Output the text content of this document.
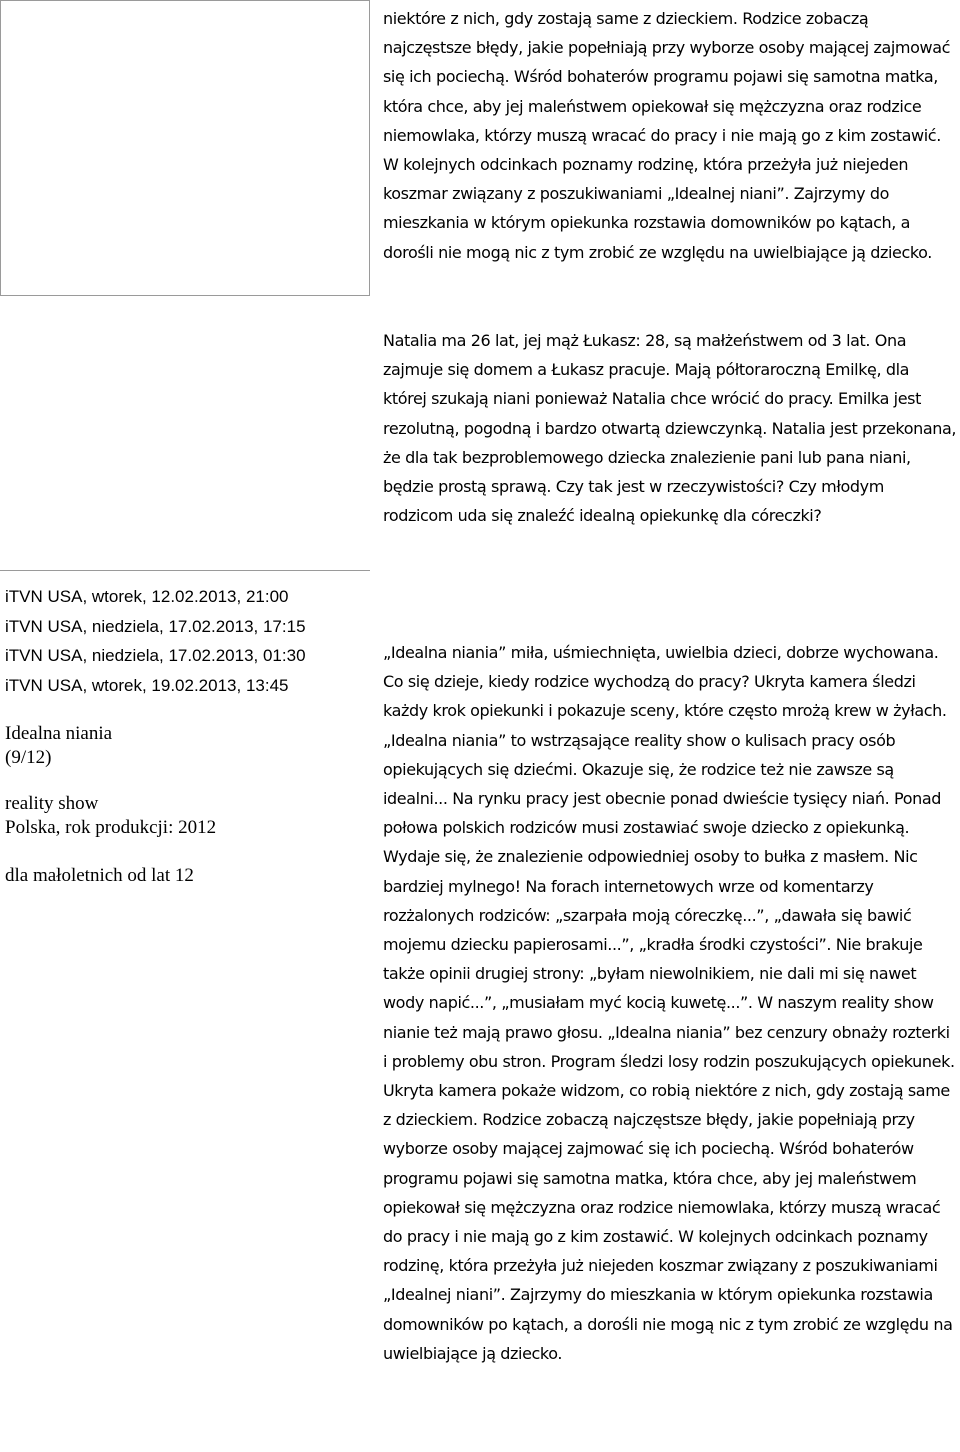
niektóre z nich, gdy zostają same z dzieckiem. Rodzice zobaczą najczęstsze błędy, jakie popełniają przy wyborze osoby mającej zajmować się ich pociechą. Wśród bohaterów programu pojawi się samotna matka, która chce, aby jej maleństwem opiekował się mężczyzna oraz rodzice niemowlaka, którzy muszą wracać do pracy i nie mają go z kim zostawić. W kolejnych odcinkach poznamy rodzinę, która przeżyła już niejeden koszmar związany z poszukiwaniami „Idealnej niani”. Zajrzymy do mieszkania w którym opiekunka rozstawia domowników po kątach, a dorośli nie mogą nic z tym zrobić ze względu na uwielbiające ją dziecko.

Natalia ma 26 lat, jej mąż Łukasz: 28, są małżeństwem od 3 lat. Ona zajmuje się domem a Łukasz pracuje. Mają półtoraroczną Emilkę, dla której szukają niani ponieważ Natalia chce wrócić do pracy. Emilka jest rezolutną, pogodną i bardzo otwartą dziewczynką. Natalia jest przekonana, że dla tak bezproblemowego dziecka znalezienie pani lub pana niani, będzie prostą sprawą. Czy tak jest w rzeczywistości? Czy młodym rodzicom uda się znaleźć idealną opiekunkę dla córeczki?

„Idealna niania” miła, uśmiechnięta, uwielbia dzieci, dobrze wychowana. Co się dzieje, kiedy rodzice wychodzą do pracy? Ukryta kamera śledzi każdy krok opiekunki i pokazuje sceny, które często mrożą krew w żyłach. „Idealna niania” to wstrząsające reality show o kulisach pracy osób opiekujących się dziećmi. Okazuje się, że rodzice też nie zawsze są idealni... Na rynku pracy jest obecnie ponad dwieście tysięcy niań. Ponad połowa polskich rodziców musi zostawiać swoje dziecko z opiekunką. Wydaje się, że znalezienie odpowiedniej osoby to bułka z masłem. Nic bardziej mylnego! Na forach internetowych wrze od komentarzy rozżalonych rodziców: „szarpała moją córeczkę...”, „dawała się bawić mojemu dziecku papierosami...”, „kradła środki czystości”. Nie brakuje także opinii drugiej strony: „byłam niewolnikiem, nie dali mi się nawet wody napić...”, „musiałam myć kocią kuwetę...”. W naszym reality show nianie też mają prawo głosu. „Idealna niania” bez cenzury obnaży rozterki i problemy obu stron. Program śledzi losy rodzin poszukujących opiekunek. Ukryta kamera pokaże widzom, co robią niektóre z nich, gdy zostają same z dzieckiem. Rodzice zobaczą najczęstsze błędy, jakie popełniają przy wyborze osoby mającej zajmować się ich pociechą. Wśród bohaterów programu pojawi się samotna matka, która chce, aby jej maleństwem opiekował się mężczyzna oraz rodzice niemowlaka, którzy muszą wracać do pracy i nie mają go z kim zostawić. W kolejnych odcinkach poznamy rodzinę, która przeżyła już niejeden koszmar związany z poszukiwaniami „Idealnej niani”. Zajrzymy do mieszkania w którym opiekunka rozstawia domowników po kątach, a dorośli nie mogą nic z tym zrobić ze względu na uwielbiające ją dziecko.

iTVN USA, wtorek, 12.02.2013, 21:00
iTVN USA, niedziela, 17.02.2013, 17:15
iTVN USA, niedziela, 17.02.2013, 01:30
iTVN USA, wtorek, 19.02.2013, 13:45
Idealna niania
(9/12)
reality show
Polska, rok produkcji: 2012
dla małoletnich od lat 12
